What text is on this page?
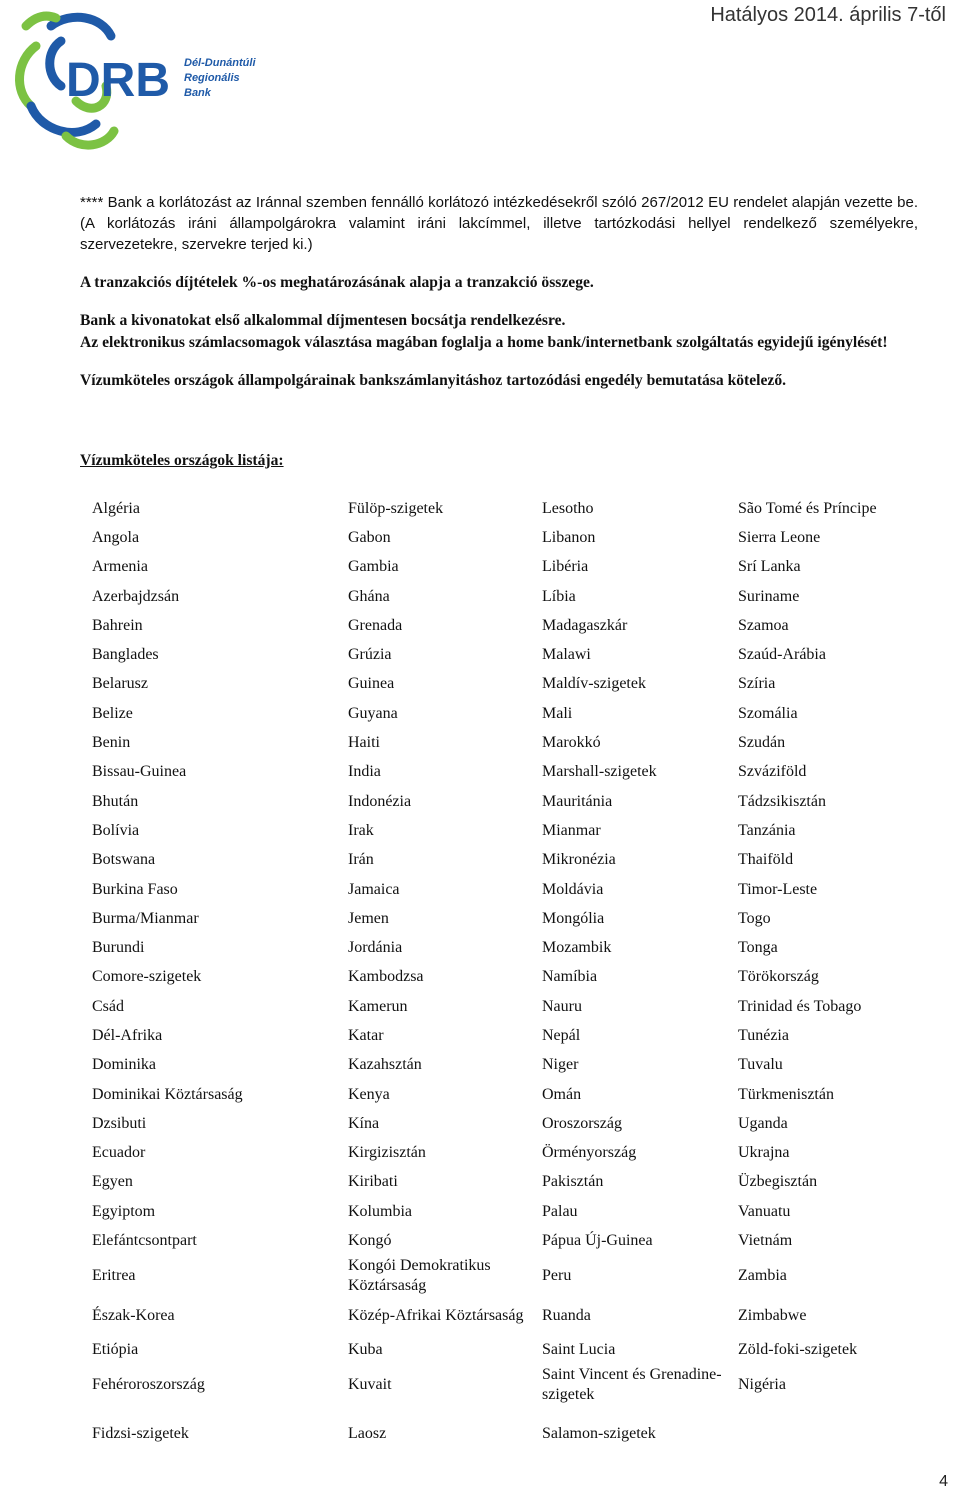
Hatályos 2014. április 7-től
DRB Dél-Dunántúli
Regionális
Bank

**** Bank a korlátozást az Iránnal szemben fennálló korlátozó intézkedésekről szóló 267/2012 EU rendelet alapján vezette be. (A korlátozás iráni állampolgárokra valamint iráni lakcímmel, illetve tartózkodási hellyel rendelkező személyekre, szervezetekre, szervekre terjed ki.)

A tranzakciós díjtételek %-os meghatározásának alapja a tranzakció összege.

Bank a kivonatokat első alkalommal díjmentesen bocsátja rendelkezésre.

Az elektronikus számlacsomagok választása magában foglalja a home bank/internetbank szolgáltatás egyidejű igénylését!

Vízumköteles országok állampolgárainak bankszámlanyitáshoz tartozódási engedély bemutatása kötelező.

Vízumköteles országok listája:
Algéria	Fülöp-szigetek	Lesotho	São Tomé és Príncipe
Angola	Gabon	Libanon	Sierra Leone
Armenia	Gambia	Libéria	Srí Lanka
Azerbajdzsán	Ghána	Líbia	Suriname
Bahrein	Grenada	Madagaszkár	Szamoa
Banglades	Grúzia	Malawi	Szaúd-Arábia
Belarusz	Guinea	Maldív-szigetek	Szíria
Belize	Guyana	Mali	Szomália
Benin	Haiti	Marokkó	Szudán
Bissau-Guinea	India	Marshall-szigetek	Szváziföld
Bhután	Indonézia	Mauritánia	Tádzsikisztán
Bolívia	Irak	Mianmar	Tanzánia
Botswana	Irán	Mikronézia	Thaiföld
Burkina Faso	Jamaica	Moldávia	Timor-Leste
Burma/Mianmar	Jemen	Mongólia	Togo
Burundi	Jordánia	Mozambik	Tonga
Comore-szigetek	Kambodzsa	Namíbia	Törökország
Csád	Kamerun	Nauru	Trinidad és Tobago
Dél-Afrika	Katar	Nepál	Tunézia
Dominika	Kazahsztán	Niger	Tuvalu
Dominikai Köztársaság	Kenya	Omán	Türkmenisztán
Dzsibuti	Kína	Oroszország	Uganda
Ecuador	Kirgizisztán	Örményország	Ukrajna
Egyen	Kiribati	Pakisztán	Üzbegisztán
Egyiptom	Kolumbia	Palau	Vanuatu
Elefántcsontpart	Kongó	Pápua Új-Guinea	Vietnám
Eritrea	Kongói Demokratikus Köztársaság	Peru	Zambia
Észak-Korea	Közép-Afrikai Köztársaság	Ruanda	Zimbabwe
Etiópia	Kuba	Saint Lucia	Zöld-foki-szigetek
Fehéroroszország	Kuvait	Saint Vincent és Grenadine-szigetek	Nigéria
Fidzsi-szigetek	Laosz	Salamon-szigetek	
4
